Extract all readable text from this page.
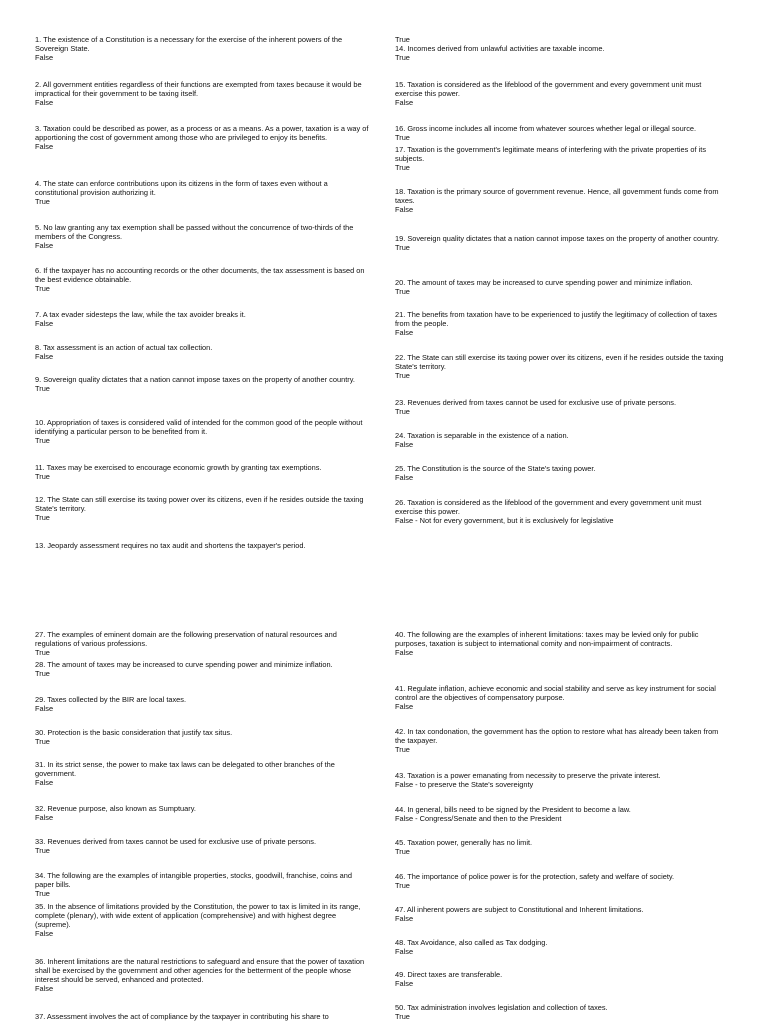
1. The existence of a Constitution is a necessary for the exercise of the inherent powers of the Sovereign State.
False
2. All government entities regardless of their functions are exempted from taxes because it would be impractical for their government to be taxing itself.
False
3. Taxation could be described as power, as a process or as a means. As a power, taxation is a way of apportioning the cost of government among those who are privileged to enjoy its benefits.
False
4. The state can enforce contributions upon its citizens in the form of taxes even without a constitutional provision authorizing it.
True
5. No law granting any tax exemption shall be passed without the concurrence of two-thirds of the members of the Congress.
False
6. If the taxpayer has no accounting records or the other documents, the tax assessment is based on the best evidence obtainable.
True
7. A tax evader sidesteps the law, while the tax avoider breaks it.
False
8. Tax assessment is an action of actual tax collection.
False
9. Sovereign quality dictates that a nation cannot impose taxes on the property of another country.
True
10. Appropriation of taxes is considered valid of intended for the common good of the people without identifying a particular person to be benefited from it.
True
11. Taxes may be exercised to encourage economic growth by granting tax exemptions.
True
12. The State can still exercise its taxing power over its citizens, even if he resides outside the taxing State's territory.
True
13. Jeopardy assessment requires no tax audit and shortens the taxpayer's period.
True
14. Incomes derived from unlawful activities are taxable income.
True
15. Taxation is considered as the lifeblood of the government and every government unit must exercise this power.
False
16. Gross income includes all income from whatever sources whether legal or illegal source.
True
17. Taxation is the government's legitimate means of interfering with the private properties of its subjects.
True
18. Taxation is the primary source of government revenue. Hence, all government funds come from taxes.
False
19. Sovereign quality dictates that a nation cannot impose taxes on the property of another country.
True
20. The amount of taxes may be increased to curve spending power and minimize inflation.
True
21. The benefits from taxation have to be experienced to justify the legitimacy of collection of taxes from the people.
False
22. The State can still exercise its taxing power over its citizens, even if he resides outside the taxing State's territory.
True
23. Revenues derived from taxes cannot be used for exclusive use of private persons.
True
24. Taxation is separable in the existence of a nation.
False
25. The Constitution is the source of the State's taxing power.
False
26. Taxation is considered as the lifeblood of the government and every government unit must exercise this power.
False - Not for every government, but it is exclusively for legislative
27. The examples of eminent domain are the following preservation of natural resources and regulations of various professions.
True
28. The amount of taxes may be increased to curve spending power and minimize inflation.
True
29. Taxes collected by the BIR are local taxes.
False
30. Protection is the basic consideration that justify tax situs.
True
31. In its strict sense, the power to make tax laws can be delegated to other branches of the government.
False
32. Revenue purpose, also known as Sumptuary.
False
33. Revenues derived from taxes cannot be used for exclusive use of private persons.
True
34. The following are the examples of intangible properties, stocks, goodwill, franchise, coins and paper bills.
True
35. In the absence of limitations provided by the Constitution, the power to tax is limited in its range, complete (plenary), with wide extent of application (comprehensive) and with highest degree (supreme).
False
36. Inherent limitations are the natural restrictions to safeguard and ensure that the power of taxation shall be exercised by the government and other agencies for the betterment of the people whose interest should be served, enhanced and protected.
False
37. Assessment involves the act of compliance by the taxpayer in contributing his share to
40. The following are the examples of inherent limitations: taxes may be levied only for public purposes, taxation is subject to international comity and non-impairment of contracts.
False
41. Regulate inflation, achieve economic and social stability and serve as key instrument for social control are the objectives of compensatory purpose.
False
42. In tax condonation, the government has the option to restore what has already been taken from the taxpayer.
True
43. Taxation is a power emanating from necessity to preserve the private interest.
False - to preserve the State's sovereignty
44. In general, bills need to be signed by the President to become a law.
False - Congress/Senate and then to the President
45. Taxation power, generally has no limit.
True
46. The importance of police power is for the protection, safety and welfare of society.
True
47. All inherent powers are subject to Constitutional and Inherent limitations.
False
48. Tax Avoidance, also called as Tax dodging.
False
49. Direct taxes are transferable.
False
50. Tax administration involves legislation and collection of taxes.
True
